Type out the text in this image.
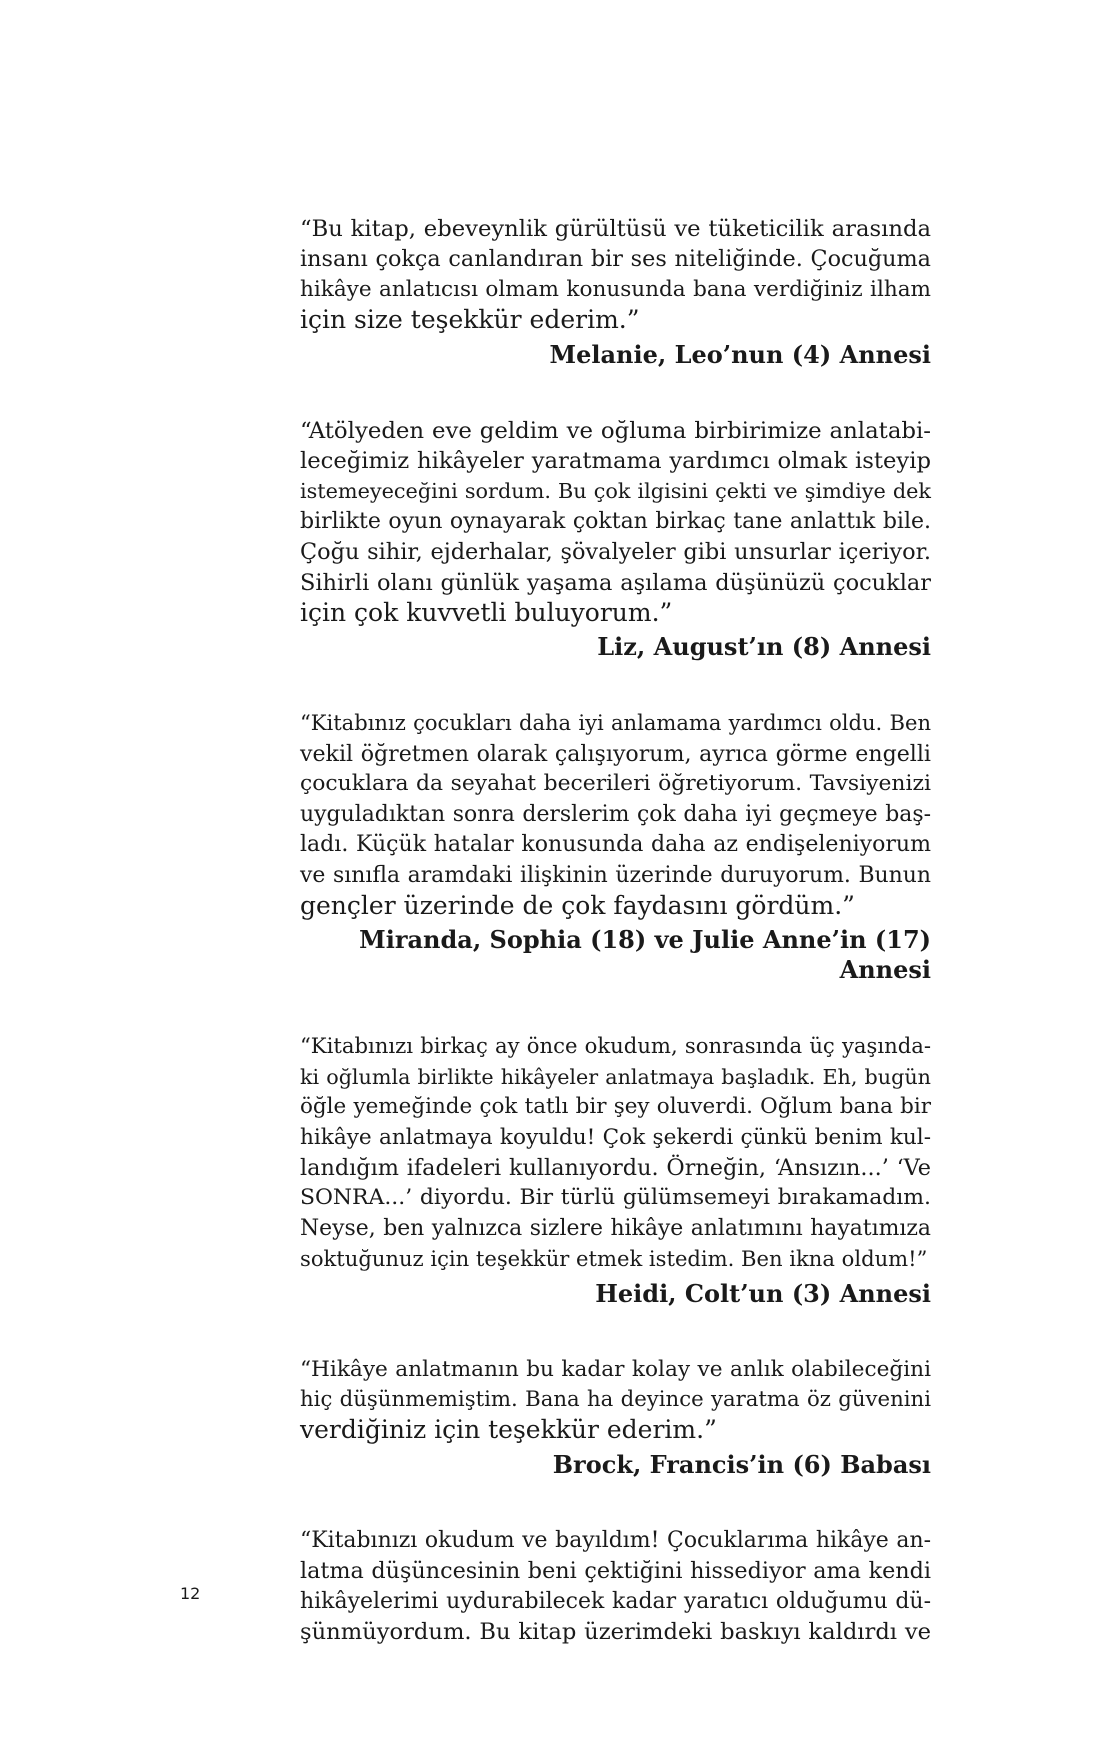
“Bu kitap, ebeveynlik gürültüsü ve tüketicilik arasında
insanı çokça canlandıran bir ses niteliğinde. Çocuğuma
hikâye anlatıcısı olmam konusunda bana verdiğiniz ilham
için size teşekkür ederim.”

Melanie, Leo’nun (4) Annesi

“Atölyeden eve geldim ve oğluma birbirimize anlatabi-
leceğimiz hikâyeler yaratmama yardımcı olmak isteyip
istemeyeceğini sordum. Bu çok ilgisini çekti ve şimdiye dek
birlikte oyun oynayarak çoktan birkaç tane anlattık bile.
Çoğu sihir, ejderhalar, şövalyeler gibi unsurlar içeriyor.
Sihirli olanı günlük yaşama aşılama düşünüzü çocuklar
için çok kuvvetli buluyorum.”

Liz, August’ın (8) Annesi

“Kitabınız çocukları daha iyi anlamama yardımcı oldu. Ben
vekil öğretmen olarak çalışıyorum, ayrıca görme engelli
çocuklara da seyahat becerileri öğretiyorum. Tavsiyenizi
uyguladıktan sonra derslerim çok daha iyi geçmeye baş-
ladı. Küçük hatalar konusunda daha az endişeleniyorum
ve sınıfla aramdaki ilişkinin üzerinde duruyorum. Bunun
gençler üzerinde de çok faydasını gördüm.”

Miranda, Sophia (18) ve Julie Anne’in (17) Annesi

“Kitabınızı birkaç ay önce okudum, sonrasında üç yaşında-
ki oğlumla birlikte hikâyeler anlatmaya başladık. Eh, bugün
öğle yemeğinde çok tatlı bir şey oluverdi. Oğlum bana bir
hikâye anlatmaya koyuldu! Çok şekerdi çünkü benim kul-
landığım ifadeleri kullanıyordu. Örneğin, ‘Ansızın...’ ‘Ve
SONRA...’ diyordu. Bir türlü gülümsemeyi bırakamadım.
Neyse, ben yalnızca sizlere hikâye anlatımını hayatımıza
soktuğunuz için teşekkür etmek istedim. Ben ikna oldum!”

Heidi, Colt’un (3) Annesi

“Hikâye anlatmanın bu kadar kolay ve anlık olabileceğini
hiç düşünmemiştim. Bana ha deyince yaratma öz güvenini
verdiğiniz için teşekkür ederim.”

Brock, Francis’in (6) Babası

“Kitabınızı okudum ve bayıldım! Çocuklarıma hikâye an-
latma düşüncesinin beni çektiğini hissediyor ama kendi
hikâyelerimi uydurabilecek kadar yaratıcı olduğumu dü-
şünmüyordum. Bu kitap üzerimdeki baskıyı kaldırdı ve

12
